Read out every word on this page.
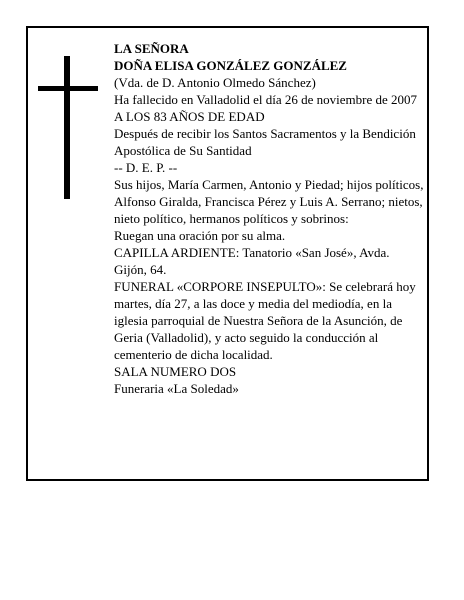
LA SEÑORA

DOÑA ELISA GONZÁLEZ GONZÁLEZ

(Vda. de D. Antonio Olmedo Sánchez)

Ha fallecido en Valladolid el día 26 de noviembre de 2007

A LOS 83 AÑOS DE EDAD

Después de recibir los Santos Sacramentos y la Bendición Apostólica de Su Santidad

-- D. E. P. --

Sus hijos, María Carmen, Antonio y Piedad; hijos políticos, Alfonso Giralda, Francisca Pérez y Luis A. Serrano; nietos, nieto político, hermanos políticos y sobrinos:

Ruegan una oración por su alma.

CAPILLA ARDIENTE: Tanatorio «San José», Avda. Gijón, 64.

FUNERAL «CORPORE INSEPULTO»: Se celebrará hoy martes, día 27, a las doce y media del mediodía, en la iglesia parroquial de Nuestra Señora de la Asunción, de Geria (Valladolid), y acto seguido la conducción al cementerio de dicha localidad.

SALA NUMERO DOS

Funeraria «La Soledad»
